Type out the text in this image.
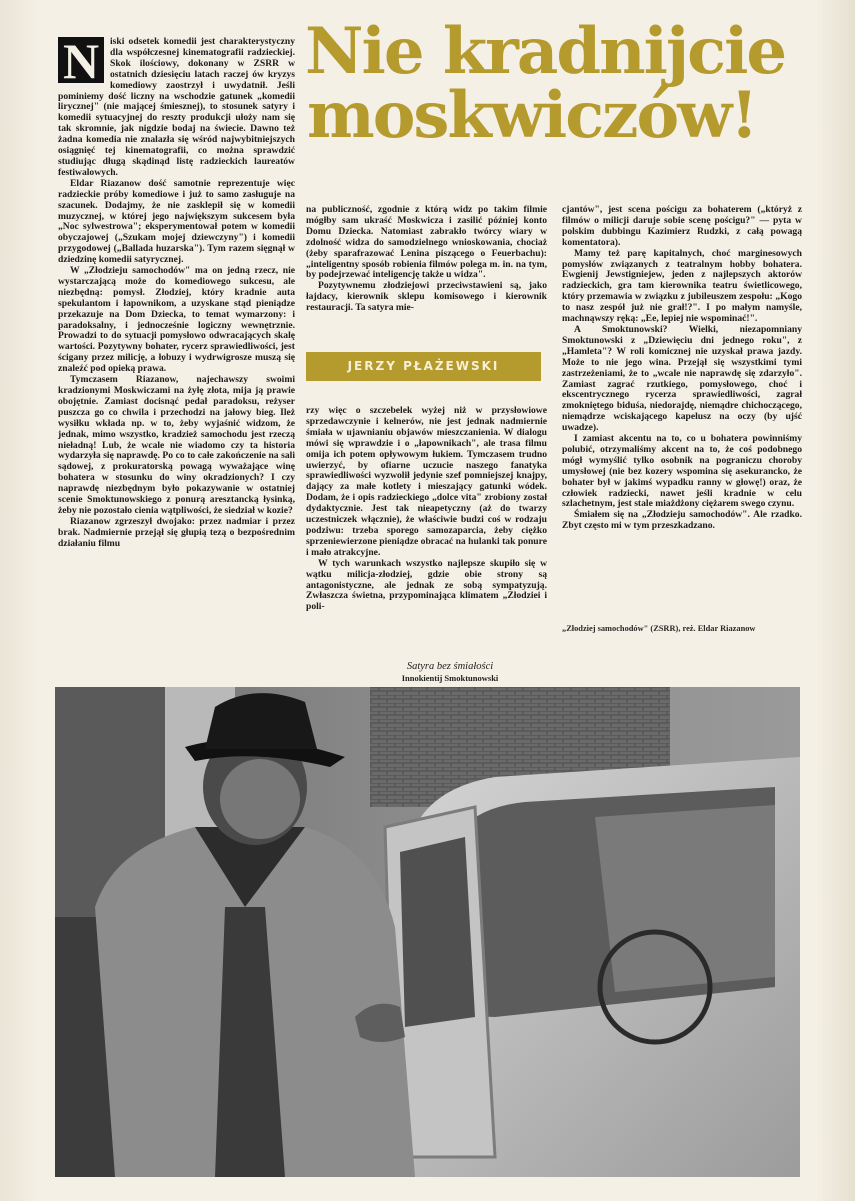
N	iski odsetek komedii jest charakterystyczny dla współczesnej kinematografii radzieckiej. Skok ilościowy, dokonany w ZSRR w ostatnich dziesięciu latach raczej ów kryzys komediowy zaostrzył i uwydatnił. Jeśli pominiemy dość liczny na wschodzie gatunek „komedii lirycznej" (nie mającej śmiesznej), to stosunek satyry i komedii sytuacyjnej do reszty produkcji ułoży nam się tak skromnie, jak nigdzie bodaj na świecie. Dawno też żadna komedia nie znalazła się wśród najwybitniejszych osiągnięć tej kinematografii, co można sprawdzić studiując długą skądinąd listę radzieckich laureatów festiwalowych.

Eldar Riazanow dość samotnie reprezentuje więc radzieckie próby komediowe i już to samo zasługuje na szacunek. Dodajmy, że nie zasklepił się w komedii muzycznej, w której jego największym sukcesem była „Noc sylwestrowa"; eksperymentował potem w komedii obyczajowej („Szukam mojej dziewczyny") i komedii przygodowej („Ballada huzarska"). Tym razem sięgnął w dziedzinę komedii satyrycznej.

W „Złodzieju samochodów" ma on jedną rzecz, nie wystarczającą może do komediowego sukcesu, ale niezbędną: pomysł. Złodziej, który kradnie auta spekulantom i łapownikom, a uzyskane stąd pieniądze przekazuje na Dom Dziecka, to temat wymarzony: i paradoksalny, i jednocześnie logiczny wewnętrznie. Prowadzi to do sytuacji pomysłowo odwracających skalę wartości. Pozytywny bohater, rycerz sprawiedliwości, jest ścigany przez milicję, a łobuzy i wydrwigrosze muszą się znaleźć pod opieką prawa.

Tymczasem Riazanow, najechawszy swoimi kradzionymi Moskwiczami na żyłę złota, mija ją prawie obojętnie. Zamiast docisnąć pedał paradoksu, reżyser puszcza go co chwila i przechodzi na jałowy bieg. Ileż wysiłku wkłada np. w to, żeby wyjaśnić widzom, że jednak, mimo wszystko, kradzież samochodu jest rzeczą nieładną! Lub, że wcale nie wiadomo czy ta historia wydarzyła się naprawdę. Po co to całe zakończenie na sali sądowej, z prokuratorską powagą wyważające winę bohatera w stosunku do winy okradzionych? I czy naprawdę niezbędnym było pokazywanie w ostatniej scenie Smoktunowskiego z ponurą aresztancką łysinką, żeby nie pozostało cienia wątpliwości, że siedział w kozie?

Riazanow zgrzeszył dwojako: przez nadmiar i przez brak. Nadmiernie przejął się głupią tezą o bezpośrednim działaniu filmu

Nie kradnijcie
moskwiczów!

na publiczność, zgodnie z którą widz po takim filmie mógłby sam ukraść Moskwicza i zasilić później konto Domu Dziecka. Natomiast zabrakło twórcy wiary w zdolność widza do samodzielnego wnioskowania, chociaż (żeby sparafrazować Lenina piszącego o Feuerbachu): „inteligentny sposób robienia filmów polega m. in. na tym, by podejrzewać inteligencję także u widza".

Pozytywnemu złodziejowi przeciwstawieni są, jako łajdacy, kierownik sklepu komisowego i kierownik restauracji. Ta satyra mie-

JERZY PŁAŻEWSKI

rzy więc o szczebelek wyżej niż w przysłowiowe sprzedawczynie i kelnerów, nie jest jednak nadmiernie śmiała w ujawnianiu objawów mieszczanienia. W dialogu mówi się wprawdzie i o „łapownikach", ale trasa filmu omija ich potem opływowym łukiem. Tymczasem trudno uwierzyć, by ofiarne uczucie naszego fanatyka sprawiedliwości wyzwolił jedynie szef pomniejszej knajpy, dający za małe kotlety i mieszający gatunki wódek. Dodam, że i opis radzieckiego „dolce vita" zrobiony został dydaktycznie. Jest tak nieapetyczny (aż do twarzy uczestniczek włącznie), że właściwie budzi coś w rodzaju podziwu: trzeba sporego samozaparcia, żeby ciężko sprzeniewierzone pieniądze obracać na hulanki tak ponure i mało atrakcyjne.

W tych warunkach wszystko najlepsze skupiło się w wątku milicja-złodziej, gdzie obie strony są antagonistyczne, ale jednak ze sobą sympatyzują. Zwłaszcza świetna, przypominająca klimatem „Złodziei i poli-

cjantów", jest scena pościgu za bohaterem („któryż z filmów o milicji daruje sobie scenę pościgu?" — pyta w polskim dubbingu Kazimierz Rudzki, z całą powagą komentatora).

Mamy też parę kapitalnych, choć marginesowych pomysłów związanych z teatralnym hobby bohatera. Ewgienij Jewstigniejew, jeden z najlepszych aktorów radzieckich, gra tam kierownika teatru świetlicowego, który przemawia w związku z jubileuszem zespołu: „Kogo to nasz zespół już nie grał!?". I po małym namyśle, machnąwszy ręką: „Ee, lepiej nie wspominać!".

A Smoktunowski? Wielki, niezapomniany Smoktunowski z „Dziewięciu dni jednego roku", z „Hamleta"? W roli komicznej nie uzyskał prawa jazdy. Może to nie jego wina. Przejął się wszystkimi tymi zastrzeżeniami, że to „wcale nie naprawdę się zdarzyło". Zamiast zagrać rzutkiego, pomysłowego, choć i ekscentrycznego rycerza sprawiedliwości, zagrał zmokniętego biduśa, niedorajdę, niemądre chichoczącego, niemądrze wciskającego kapelusz na oczy (by ujść uwadze).

I zamiast akcentu na to, co u bohatera powinniśmy polubić, otrzymaliśmy akcent na to, że coś podobnego mógł wymyślić tylko osobnik na pograniczu choroby umysłowej (nie bez kozery wspomina się asekurancko, że bohater był w jakimś wypadku ranny w głowę!) oraz, że człowiek radziecki, nawet jeśli kradnie w celu szlachetnym, jest stale miażdżony ciężarem swego czynu.

Śmiałem się na „Złodzieju samochodów". Ale rzadko. Zbyt często mi w tym przeszkadzano.

„Złodziej samochodów" (ZSRR), reż. Eldar Riazanow
Satyra bez śmiałości
Innokientij Smoktunowski
